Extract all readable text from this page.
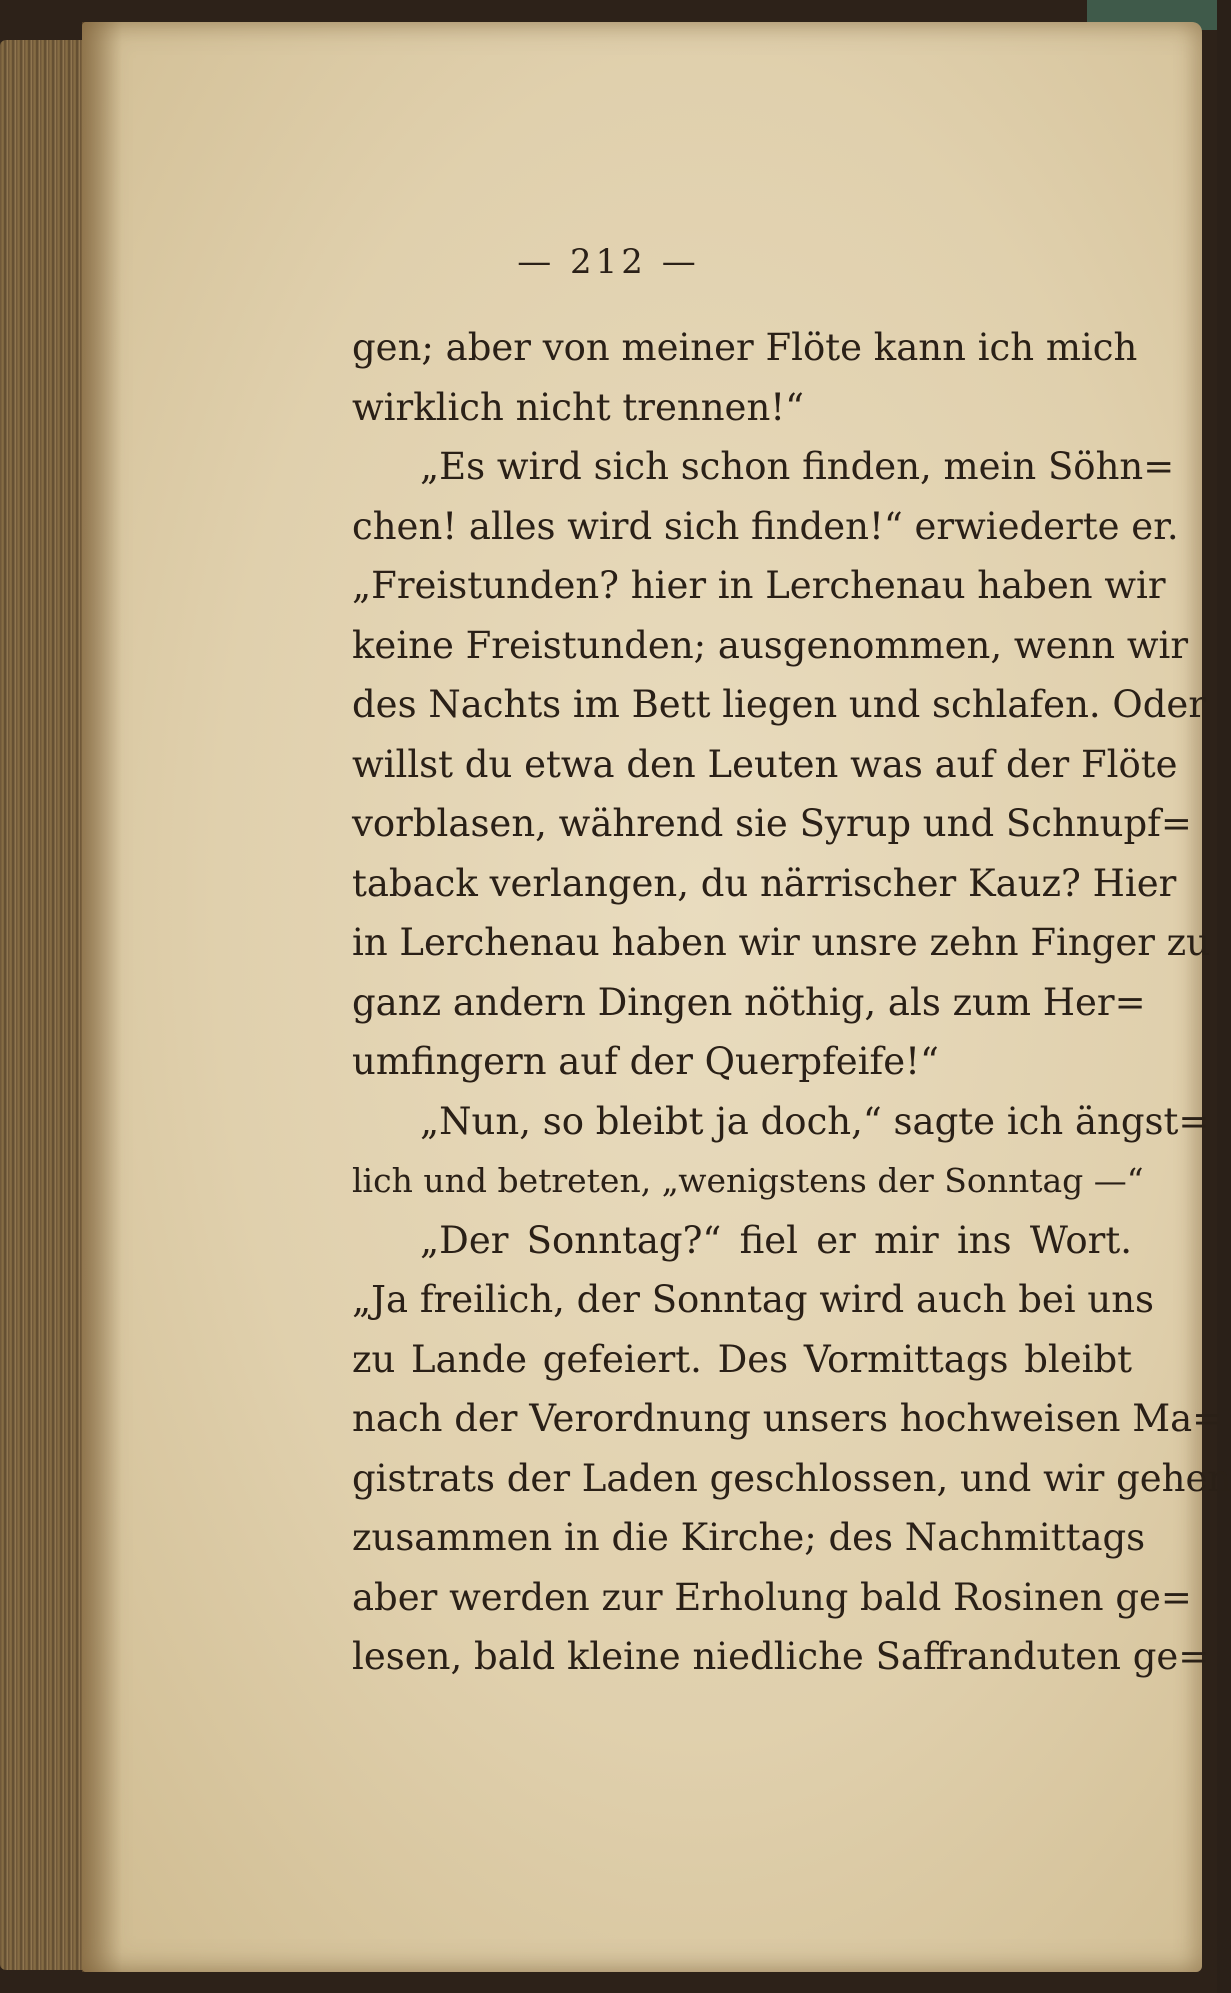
— 212 —
gen; aber von meiner Flöte kann ich mich
wirklich nicht trennen!“
„Es wird sich schon finden, mein Söhn=
chen! alles wird sich finden!“ erwiederte er.
„Freistunden? hier in Lerchenau haben wir
keine Freistunden; ausgenommen, wenn wir
des Nachts im Bett liegen und schlafen. Oder
willst du etwa den Leuten was auf der Flöte
vorblasen, während sie Syrup und Schnupf=
taback verlangen, du närrischer Kauz? Hier
in Lerchenau haben wir unsre zehn Finger zu
ganz andern Dingen nöthig, als zum Her=
umfingern auf der Querpfeife!“
„Nun, so bleibt ja doch,“ sagte ich ängst=
lich und betreten, „wenigstens der Sonntag —“
„Der Sonntag?“ fiel er mir ins Wort.
„Ja freilich, der Sonntag wird auch bei uns
zu Lande gefeiert. Des Vormittags bleibt
nach der Verordnung unsers hochweisen Ma=
gistrats der Laden geschlossen, und wir gehen
zusammen in die Kirche; des Nachmittags
aber werden zur Erholung bald Rosinen ge=
lesen, bald kleine niedliche Saffranduten ge=
